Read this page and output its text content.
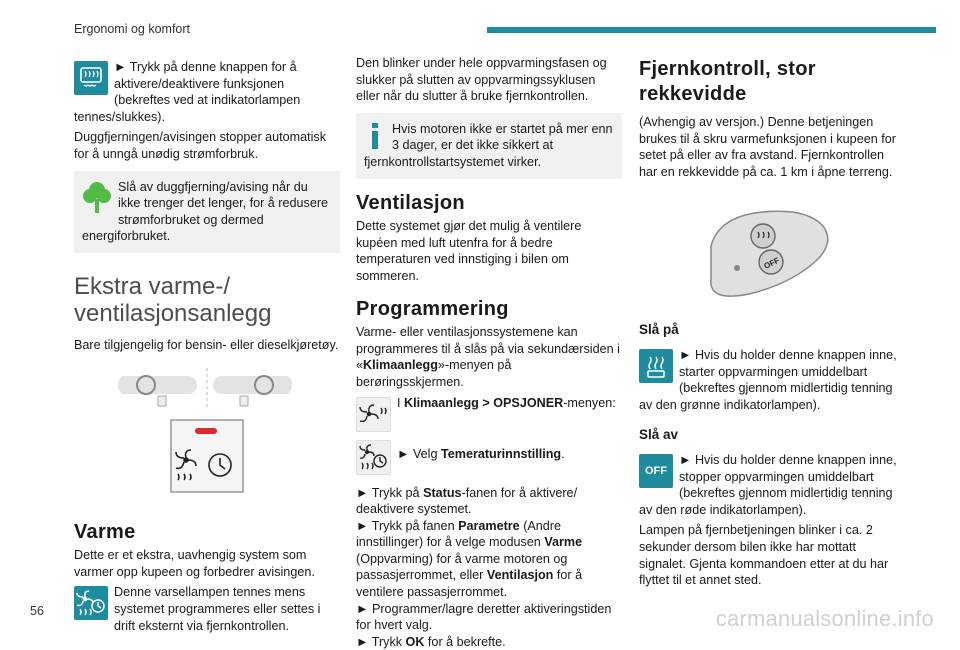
Ergonomi og komfort

► Trykk på denne knappen for å aktivere/deaktivere funksjonen (bekreftes ved at indikatorlampen tennes/slukkes).

Duggfjerningen/avisingen stopper automatisk for å unngå unødig strømforbruk.

Slå av duggfjerning/avising når du ikke trenger det lenger, for å redusere strømforbruket og dermed energiforbruket.

Ekstra varme-/ ventilasjonsanlegg

Bare tilgjengelig for bensin- eller dieselkjøretøy.

Varme

Dette er et ekstra, uavhengig system som varmer opp kupeen og forbedrer avisingen.

Denne varsellampen tennes mens systemet programmeres eller settes i drift eksternt via fjernkontrollen.

Den blinker under hele oppvarmingsfasen og slukker på slutten av oppvarmingssyklusen eller når du slutter å bruke fjernkontrollen.

Hvis motoren ikke er startet på mer enn 3 dager, er det ikke sikkert at fjernkontrollstartsystemet virker.

Ventilasjon

Dette systemet gjør det mulig å ventilere kupéen med luft utenfra for å bedre temperaturen ved innstiging i bilen om sommeren.

Programmering

Varme- eller ventilasjonssystemene kan programmeres til å slås på via sekundærsiden i «Klimaanlegg»-menyen på berøringsskjermen.

I Klimaanlegg > OPSJONER-menyen:

► Velg Temeraturinnstilling.

► Trykk på Status-fanen for å aktivere/ deaktivere systemet.

► Trykk på fanen Parametre (Andre innstillinger) for å velge modusen Varme (Oppvarming) for å varme motoren og passasjerrommet, eller Ventilasjon for å ventilere passasjerrommet.

► Programmer/lagre deretter aktiveringstiden for hvert valg.

► Trykk OK for å bekrefte.

Fjernkontroll, stor rekkevidde

(Avhengig av versjon.) Denne betjeningen brukes til å skru varmefunksjonen i kupeen for setet på eller av fra avstand. Fjernkontrollen har en rekkevidde på ca. 1 km i åpne terreng.

OFF
Slå på

► Hvis du holder denne knappen inne, starter oppvarmingen umiddelbart (bekreftes gjennom midlertidig tenning av den grønne indikatorlampen).

Slå av
OFF

► Hvis du holder denne knappen inne, stopper oppvarmingen umiddelbart (bekreftes gjennom midlertidig tenning av den røde indikatorlampen).

Lampen på fjernbetjeningen blinker i ca. 2 sekunder dersom bilen ikke har mottatt signalet. Gjenta kommandoen etter at du har flyttet til et annet sted.

56	carmanualsonline.info
